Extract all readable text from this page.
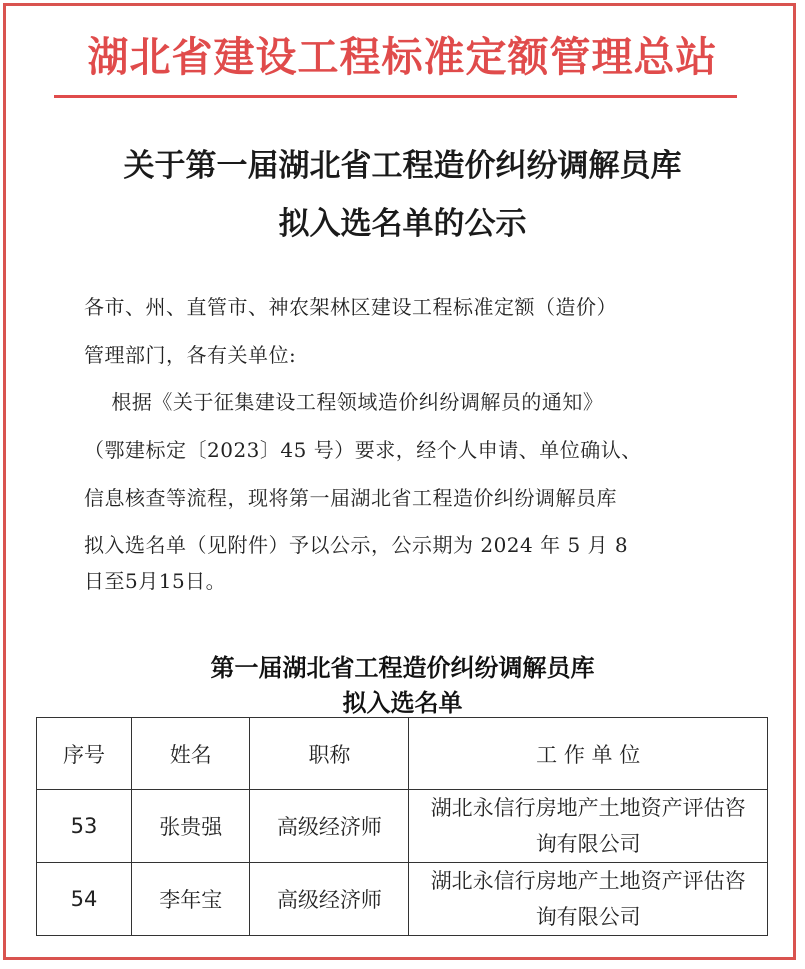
湖北省建设工程标准定额管理总站
关于第一届湖北省工程造价纠纷调解员库
拟入选名单的公示
各市、州、直管市、神农架林区建设工程标准定额（造价）
管理部门，各有关单位:
根据《关于征集建设工程领域造价纠纷调解员的通知》
（鄂建标定〔2023〕45 号）要求，经个人申请、单位确认、
信息核查等流程，现将第一届湖北省工程造价纠纷调解员库
拟入选名单（见附件）予以公示，公示期为 2024 年 5 月 8
日至5月15日。
第一届湖北省工程造价纠纷调解员库
拟入选名单
序号	姓名	职称	工 作 单 位
53	张贵强	高级经济师	湖北永信行房地产土地资产评估咨询有限公司

54	李年宝	高级经济师	湖北永信行房地产土地资产评估咨询有限公司
